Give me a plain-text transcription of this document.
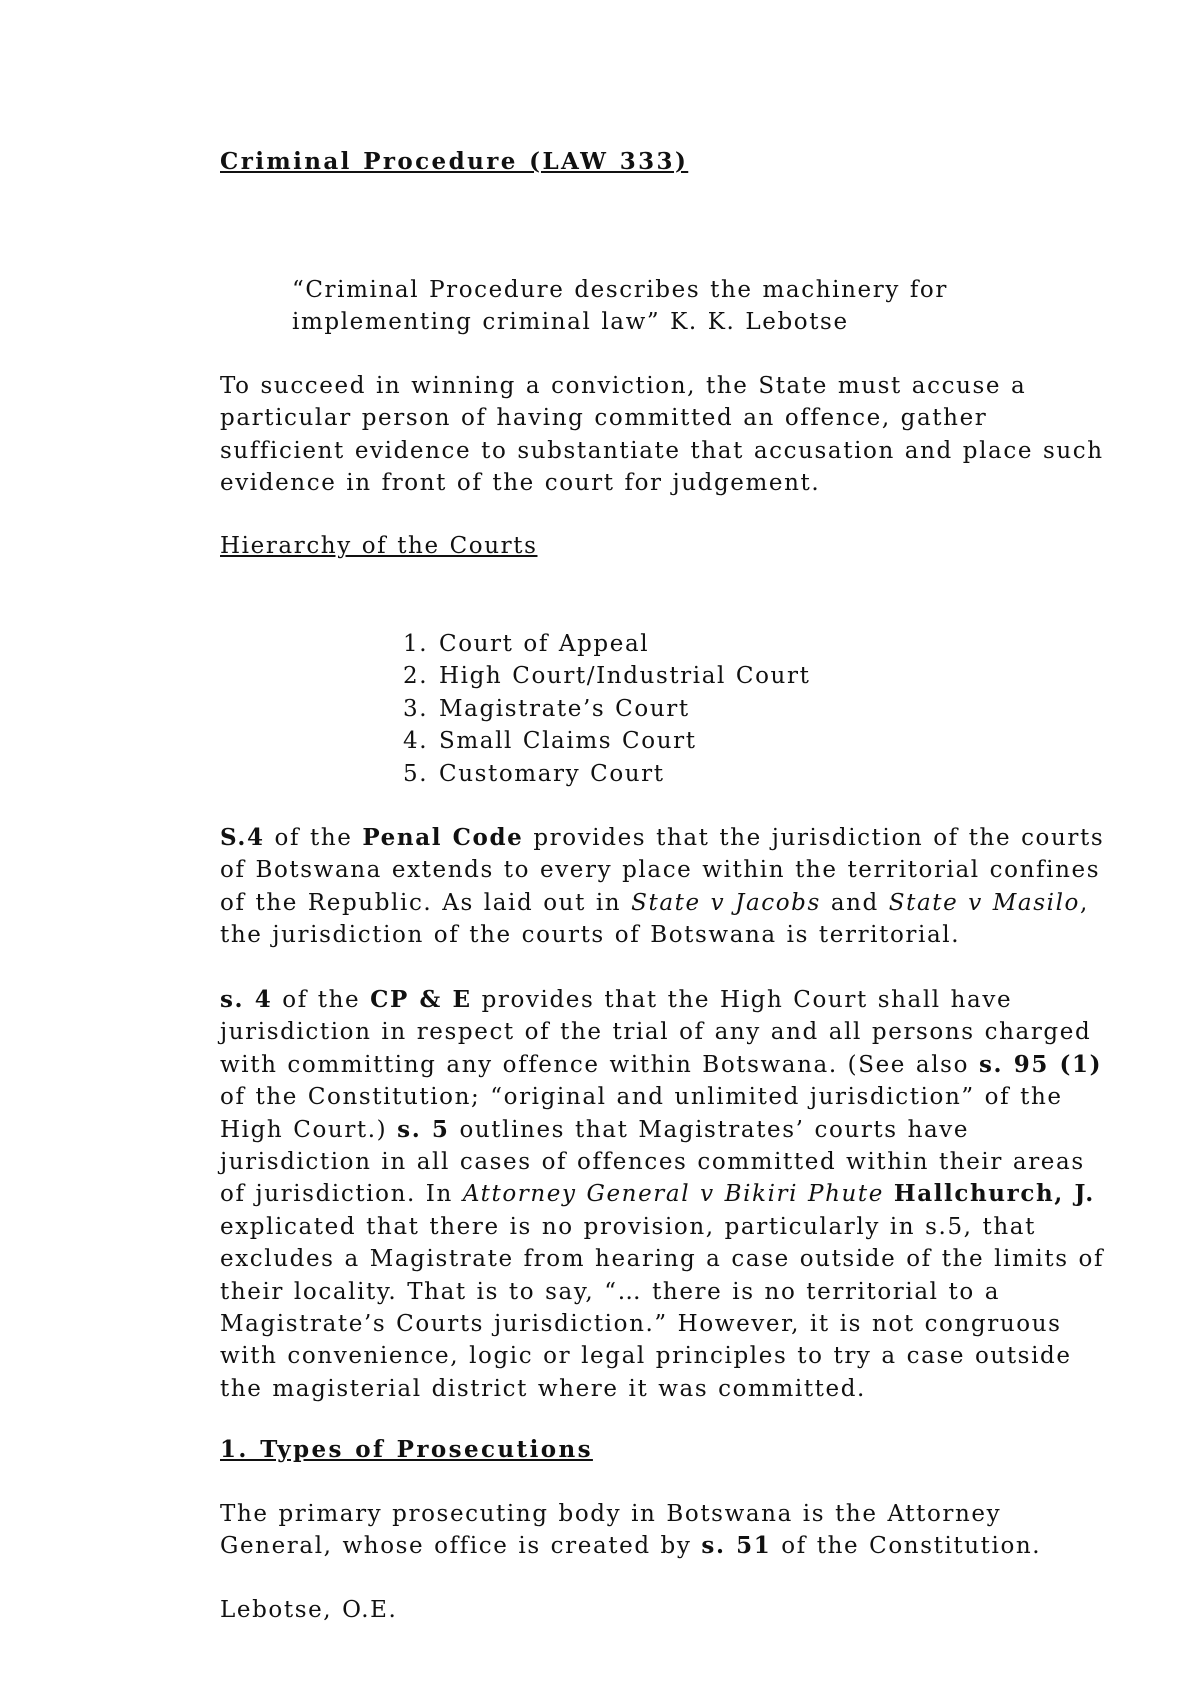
Criminal Procedure (LAW 333)
“Criminal Procedure describes the machinery for
implementing criminal law” K. K. Lebotse

To succeed in winning a conviction, the State must accuse a
particular person of having committed an offence, gather
sufficient evidence to substantiate that accusation and place such
evidence in front of the court for judgement.

Hierarchy of the Courts
1. Court of Appeal
2. High Court/Industrial Court
3. Magistrate’s Court
4. Small Claims Court
5. Customary Court

S.4 of the Penal Code provides that the jurisdiction of the courts
of Botswana extends to every place within the territorial confines
of the Republic. As laid out in State v Jacobs and State v Masilo,
the jurisdiction of the courts of Botswana is territorial.

s. 4 of the CP & E provides that the High Court shall have
jurisdiction in respect of the trial of any and all persons charged
with committing any offence within Botswana. (See also s. 95 (1)
of the Constitution; “original and unlimited jurisdiction” of the
High Court.) s. 5 outlines that Magistrates’ courts have
jurisdiction in all cases of offences committed within their areas
of jurisdiction. In Attorney General v Bikiri Phute Hallchurch, J.
explicated that there is no provision, particularly in s.5, that
excludes a Magistrate from hearing a case outside of the limits of
their locality. That is to say, “… there is no territorial to a
Magistrate’s Courts jurisdiction.” However, it is not congruous
with convenience, logic or legal principles to try a case outside
the magisterial district where it was committed.

1. Types of Prosecutions

The primary prosecuting body in Botswana is the Attorney
General, whose office is created by s. 51 of the Constitution.

Lebotse, O.E.
